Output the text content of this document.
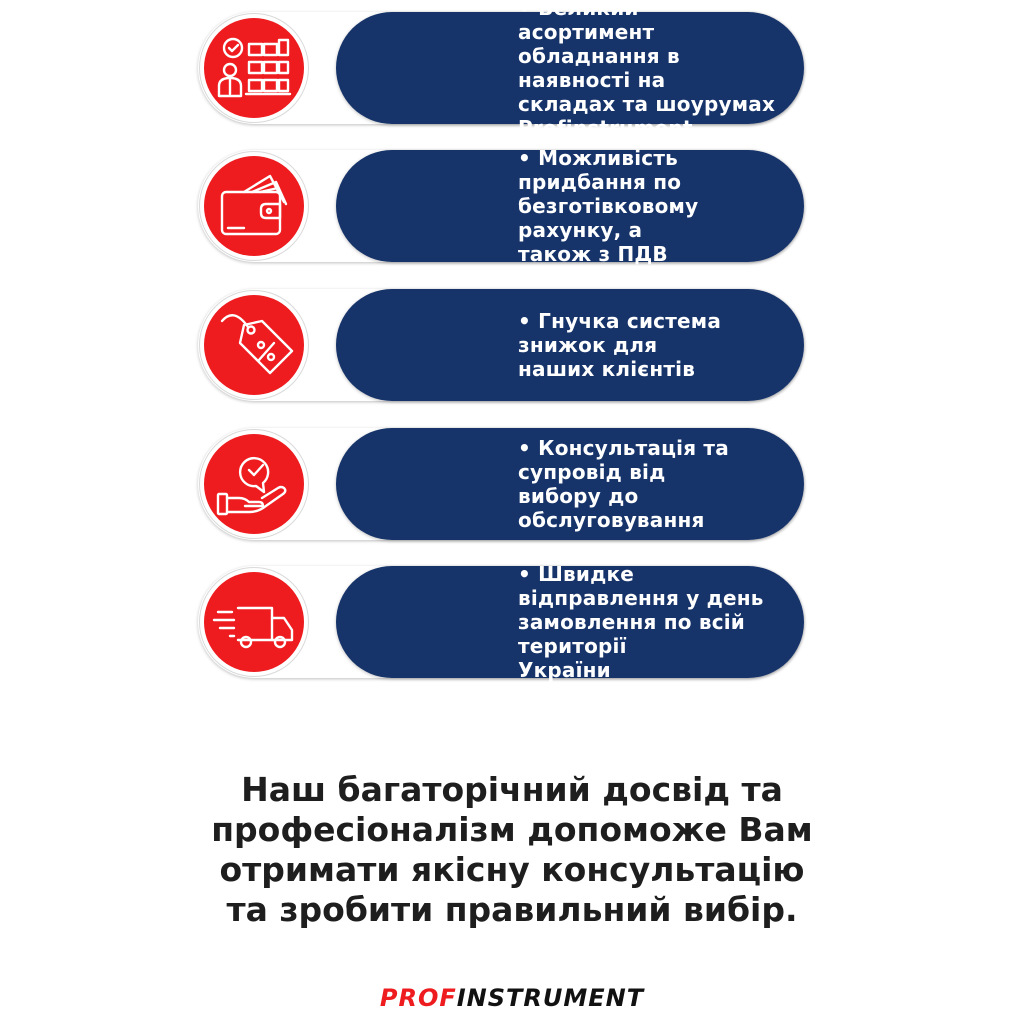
• Великий асортимент
обладнання в наявності на
складах та шоурумах
Profinstrument
• Можливість придбання по
безготівковому рахунку, а
також з ПДВ
• Гнучка система знижок для
наших клієнтів
• Консультація та супровід від
вибору до обслуговування
• Швидке відправлення у день
замовлення по всій території
України
Наш багаторічний досвід та
професіоналізм допоможе Вам
отримати якісну консультацію
та зробити правильний вибір.
PROFINSTRUMENT
